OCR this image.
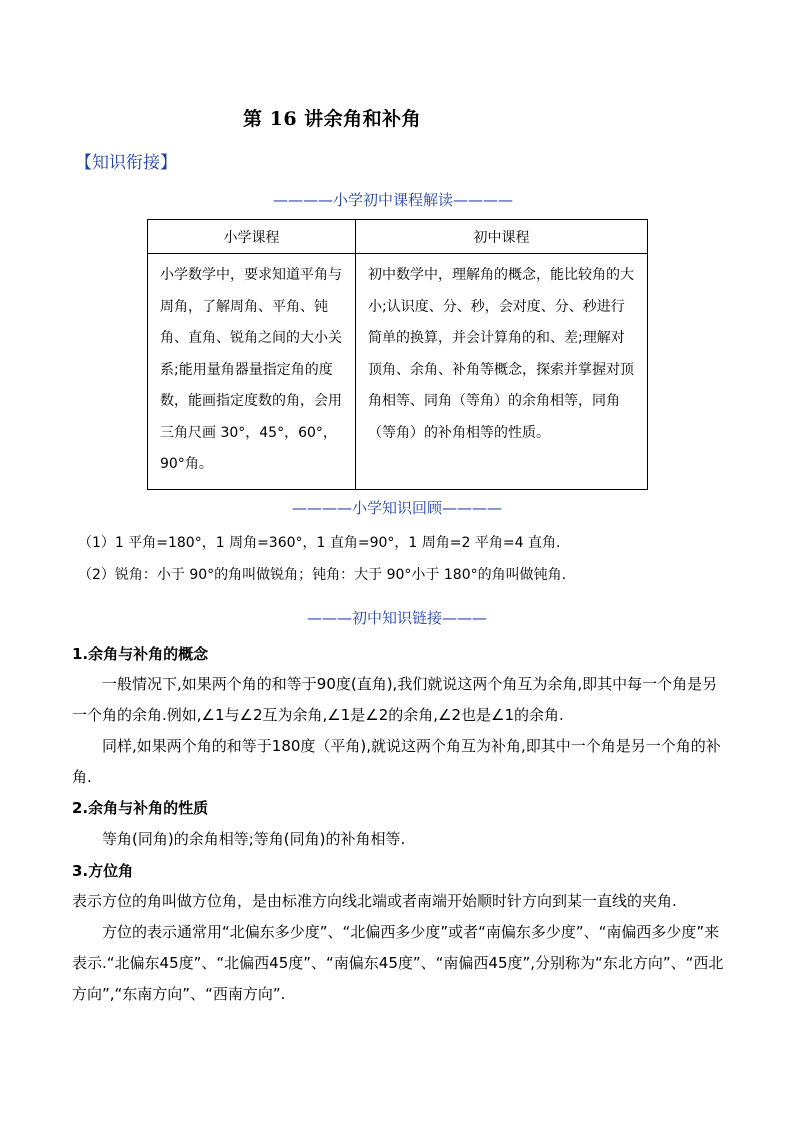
第 16 讲余角和补角
【知识衔接】
————小学初中课程解读————
小学课程	初中课程
小学数学中，要求知道平角与周角，了解周角、平角、钝角、直角、锐角之间的大小关系;能用量角器量指定角的度数，能画指定度数的角，会用三角尺画 30°，45°，60°，90°角。	初中数学中，理解角的概念，能比较角的大小;认识度、分、秒，会对度、分、秒进行简单的换算，并会计算角的和、差;理解对顶角、余角、补角等概念，探索并掌握对顶角相等、同角（等角）的余角相等，同角（等角）的补角相等的性质。
————小学知识回顾————
（1）1 平角=180°，1 周角=360°，1 直角=90°，1 周角=2 平角=4 直角.
（2）锐角：小于 90°的角叫做锐角；钝角：大于 90°小于 180°的角叫做钝角.
———初中知识链接———
1.余角与补角的概念
一般情况下,如果两个角的和等于90度(直角),我们就说这两个角互为余角,即其中每一个角是另一个角的余角.例如,∠1与∠2互为余角,∠1是∠2的余角,∠2也是∠1的余角.
同样,如果两个角的和等于180度（平角),就说这两个角互为补角,即其中一个角是另一个角的补角.
2.余角与补角的性质
等角(同角)的余角相等;等角(同角)的补角相等.
3.方位角
表示方位的角叫做方位角，是由标准方向线北端或者南端开始顺时针方向到某一直线的夹角.
方位的表示通常用“北偏东多少度”、“北偏西多少度”或者“南偏东多少度”、“南偏西多少度”来表示.“北偏东45度”、“北偏西45度”、“南偏东45度”、“南偏西45度”,分别称为“东北方向”、“西北方向”,“东南方向”、“西南方向”.
